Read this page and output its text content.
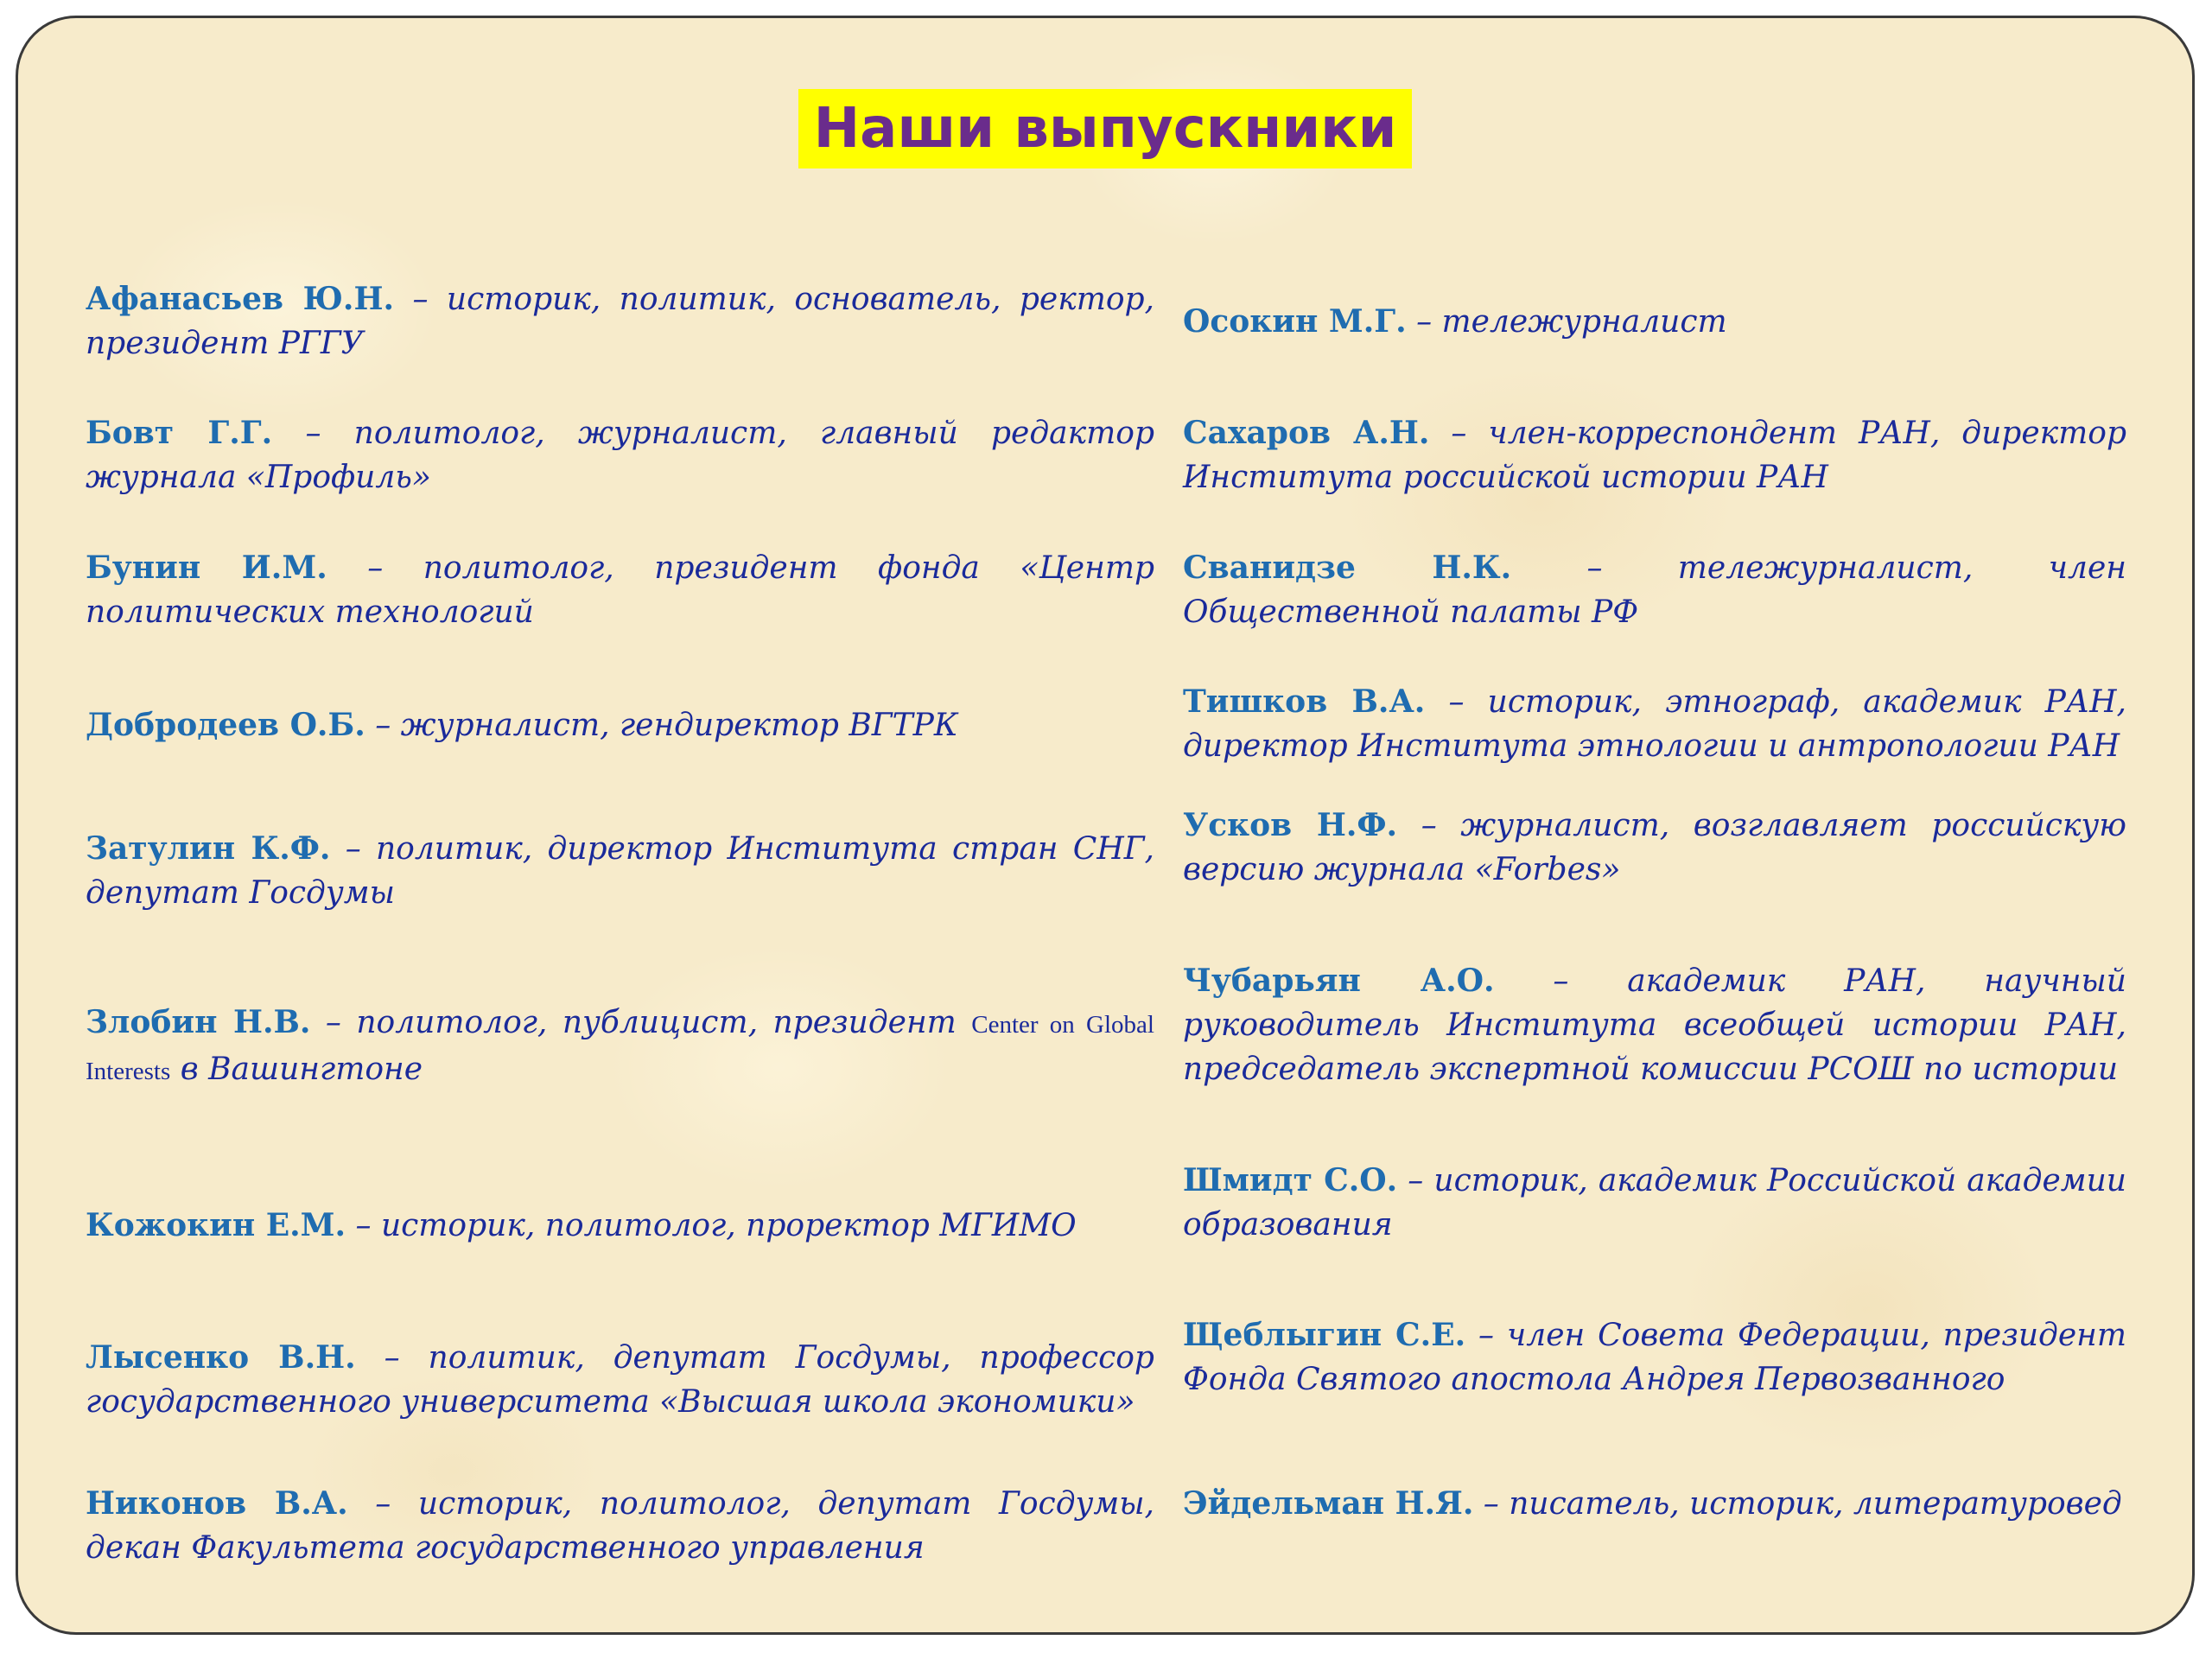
Наши выпускники

Афанасьев Ю.Н. – историк, политик, основатель, ректор, президент РГГУ

Бовт Г.Г. – политолог, журналист, главный редактор журнала «Профиль»

Бунин И.М. – политолог, президент фонда «Центр политических технологий

Добродеев О.Б. – журналист, гендиректор ВГТРК

Затулин К.Ф. – политик, директор Института стран СНГ, депутат Госдумы

Злобин Н.В. – политолог, публицист, президент Center on Global Interests в Вашингтоне

Кожокин Е.М. – историк, политолог, проректор МГИМО

Лысенко В.Н. – политик, депутат Госдумы, профессор государственного университета «Высшая школа экономики»

Никонов В.А. – историк, политолог, депутат Госдумы, декан Факультета государственного управления

Осокин М.Г. – тележурналист

Сахаров А.Н. – член-корреспондент РАН, директор Института российской истории РАН

Сванидзе Н.К. – тележурналист, член Общественной палаты РФ

Тишков В.А. – историк, этнограф, академик РАН, директор Института этнологии и антропологии РАН

Усков Н.Ф. – журналист, возглавляет российскую версию журнала «Forbes»

Чубарьян А.О. – академик РАН, научный руководитель Института всеобщей истории РАН, председатель экспертной комиссии РСОШ по истории

Шмидт С.О. – историк, академик Российской академии образования

Щеблыгин С.Е. – член Совета Федерации, президент Фонда Святого апостола Андрея Первозванного

Эйдельман Н.Я. – писатель, историк, литературовед
